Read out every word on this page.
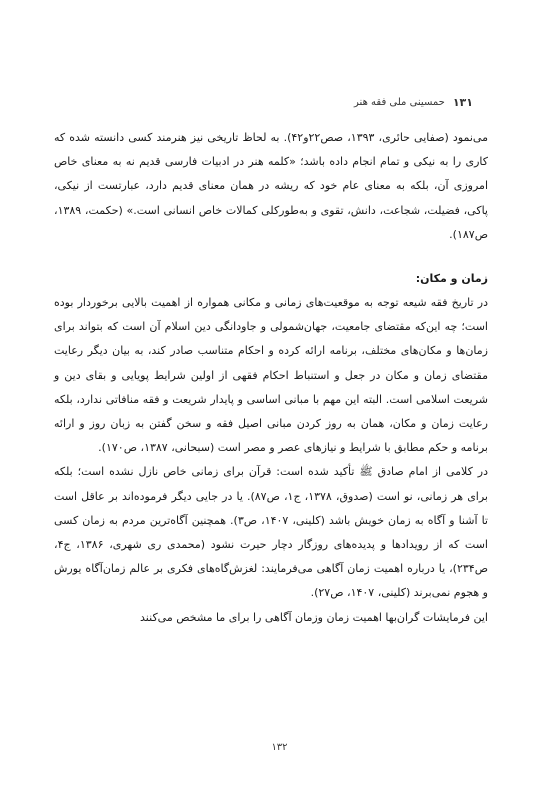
۱۳۱
حمسینی ملی فقه هنر

می‌نمود (صفایی حائری، ۱۳۹۳، صص۲۲و۴۲). به لحاظ تاریخی نیز هنرمند کسی دانسته شده که کاری را به نیکی و تمام انجام داده باشد؛ «کلمه هنر در ادبیات فارسی قدیم نه به معنای خاص امروزی آن، بلکه به معنای عام خود که ریشه در همان معنای قدیم دارد، عبارتست از نیکی، پاکی، فضیلت، شجاعت، دانش، تقوی و به‌طورکلی کمالات خاص انسانی است.» (حکمت، ۱۳۸۹، ص۱۸۷).

زمان و مکان:

در تاریخ فقه شیعه توجه به موقعیت‌های زمانی و مکانی همواره از اهمیت بالایی برخوردار بوده است؛ چه این‌که مقتضای جامعیت، جهان‌شمولی و جاودانگی دین اسلام آن است که بتواند برای زمان‌ها و مکان‌های مختلف، برنامه ارائه کرده و احکام متناسب صادر کند، به بیان دیگر رعایت مقتضای زمان و مکان در جعل و استنباط احکام فقهی از اولین شرایط پویایی و بقای دین و شریعت اسلامی است. البته این مهم با مبانی اساسی و پایدار شریعت و فقه منافاتی ندارد، بلکه رعایت زمان و مکان، همان به روز کردن مبانی اصیل فقه و سخن گفتن به زبان روز و ارائه برنامه و حکم مطابق با شرایط و نیازهای عصر و مصر است (سبحانی، ۱۳۸۷، ص۱۷۰).

در کلامی از امام صادق ﷺ تأکید شده است: قرآن برای زمانی خاص نازل نشده است؛ بلکه برای هر زمانی، نو است (صدوق، ۱۳۷۸، ج۱، ص۸۷). یا در جایی دیگر فرموده‌اند بر عاقل است تا آشنا و آگاه به زمان خویش باشد (کلینی، ۱۴۰۷، ص۳). همچنین آگاه‌ترین مردم به زمان کسی است که از رویدادها و پدیده‌های روزگار دچار حیرت نشود (محمدی ری شهری، ۱۳۸۶، ج۴، ص۲۳۴)، یا درباره اهمیت زمان آگاهی می‌فرمایند: لغزش‌گاه‌های فکری بر عالم زمان‌آگاه یورش و هجوم نمی‌برند (کلینی، ۱۴۰۷، ص۲۷).

این فرمایشات گران‌بها اهمیت زمان وزمان آگاهی را برای ما مشخص می‌کنند

۱۳۲
